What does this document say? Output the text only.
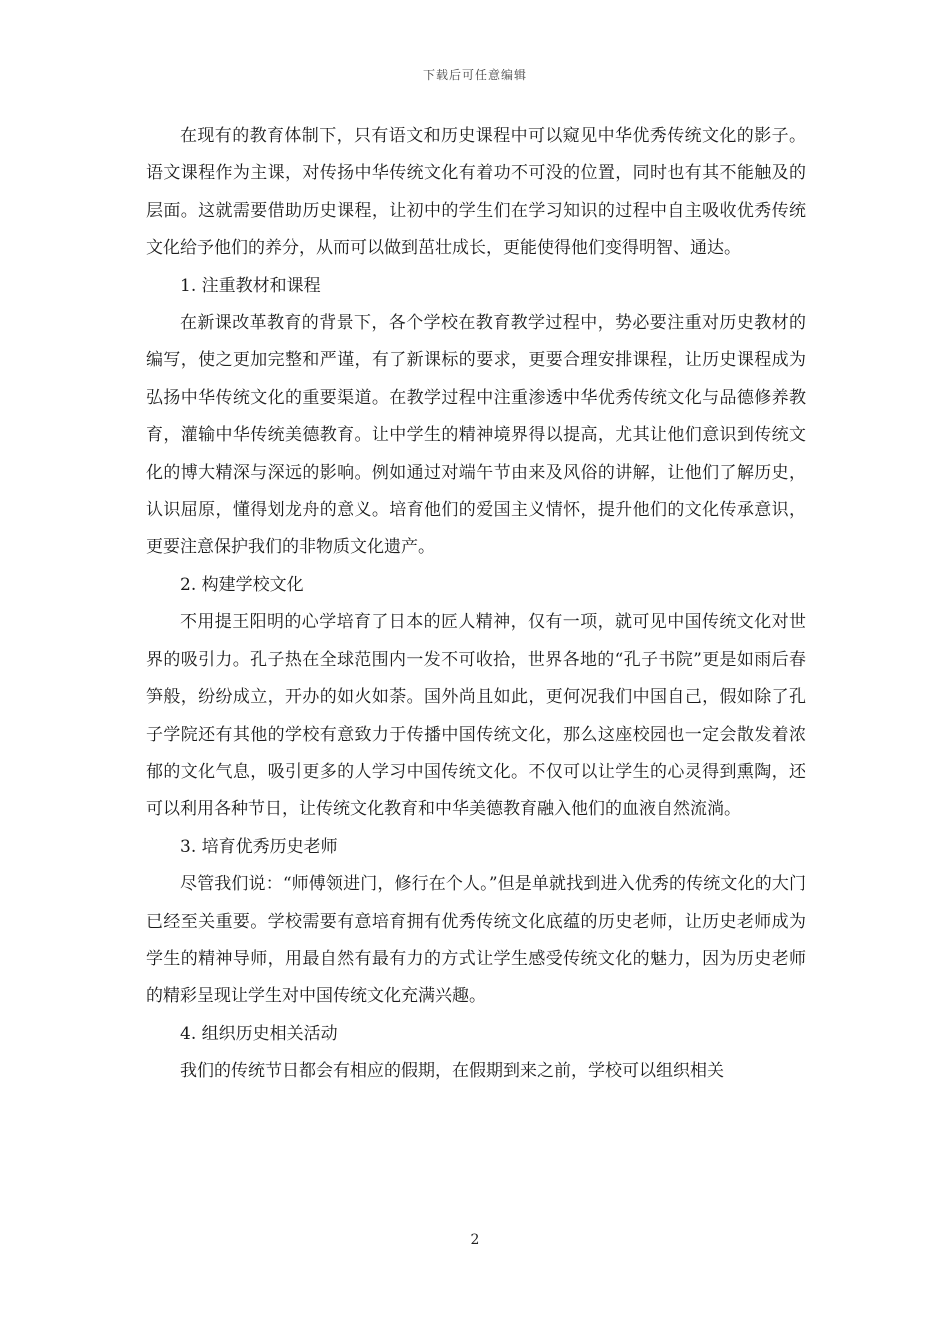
下载后可任意编辑

在现有的教育体制下，只有语文和历史课程中可以窥见中华优秀传统文化的影子。语文课程作为主课，对传扬中华传统文化有着功不可没的位置，同时也有其不能触及的层面。这就需要借助历史课程，让初中的学生们在学习知识的过程中自主吸收优秀传统文化给予他们的养分，从而可以做到茁壮成长，更能使得他们变得明智、通达。

1. 注重教材和课程

在新课改革教育的背景下，各个学校在教育教学过程中，势必要注重对历史教材的编写，使之更加完整和严谨，有了新课标的要求，更要合理安排课程，让历史课程成为弘扬中华传统文化的重要渠道。在教学过程中注重渗透中华优秀传统文化与品德修养教育，灌输中华传统美德教育。让中学生的精神境界得以提高，尤其让他们意识到传统文化的博大精深与深远的影响。例如通过对端午节由来及风俗的讲解，让他们了解历史，认识屈原，懂得划龙舟的意义。培育他们的爱国主义情怀，提升他们的文化传承意识，更要注意保护我们的非物质文化遗产。

2. 构建学校文化

不用提王阳明的心学培育了日本的匠人精神，仅有一项，就可见中国传统文化对世界的吸引力。孔子热在全球范围内一发不可收拾，世界各地的“孔子书院”更是如雨后春笋般，纷纷成立，开办的如火如荼。国外尚且如此，更何况我们中国自己，假如除了孔子学院还有其他的学校有意致力于传播中国传统文化，那么这座校园也一定会散发着浓郁的文化气息，吸引更多的人学习中国传统文化。不仅可以让学生的心灵得到熏陶，还可以利用各种节日，让传统文化教育和中华美德教育融入他们的血液自然流淌。

3. 培育优秀历史老师

尽管我们说：“师傅领进门，修行在个人。”但是单就找到进入优秀的传统文化的大门已经至关重要。学校需要有意培育拥有优秀传统文化底蕴的历史老师，让历史老师成为学生的精神导师，用最自然有最有力的方式让学生感受传统文化的魅力，因为历史老师的精彩呈现让学生对中国传统文化充满兴趣。

4. 组织历史相关活动

我们的传统节日都会有相应的假期，在假期到来之前，学校可以组织相关

2
